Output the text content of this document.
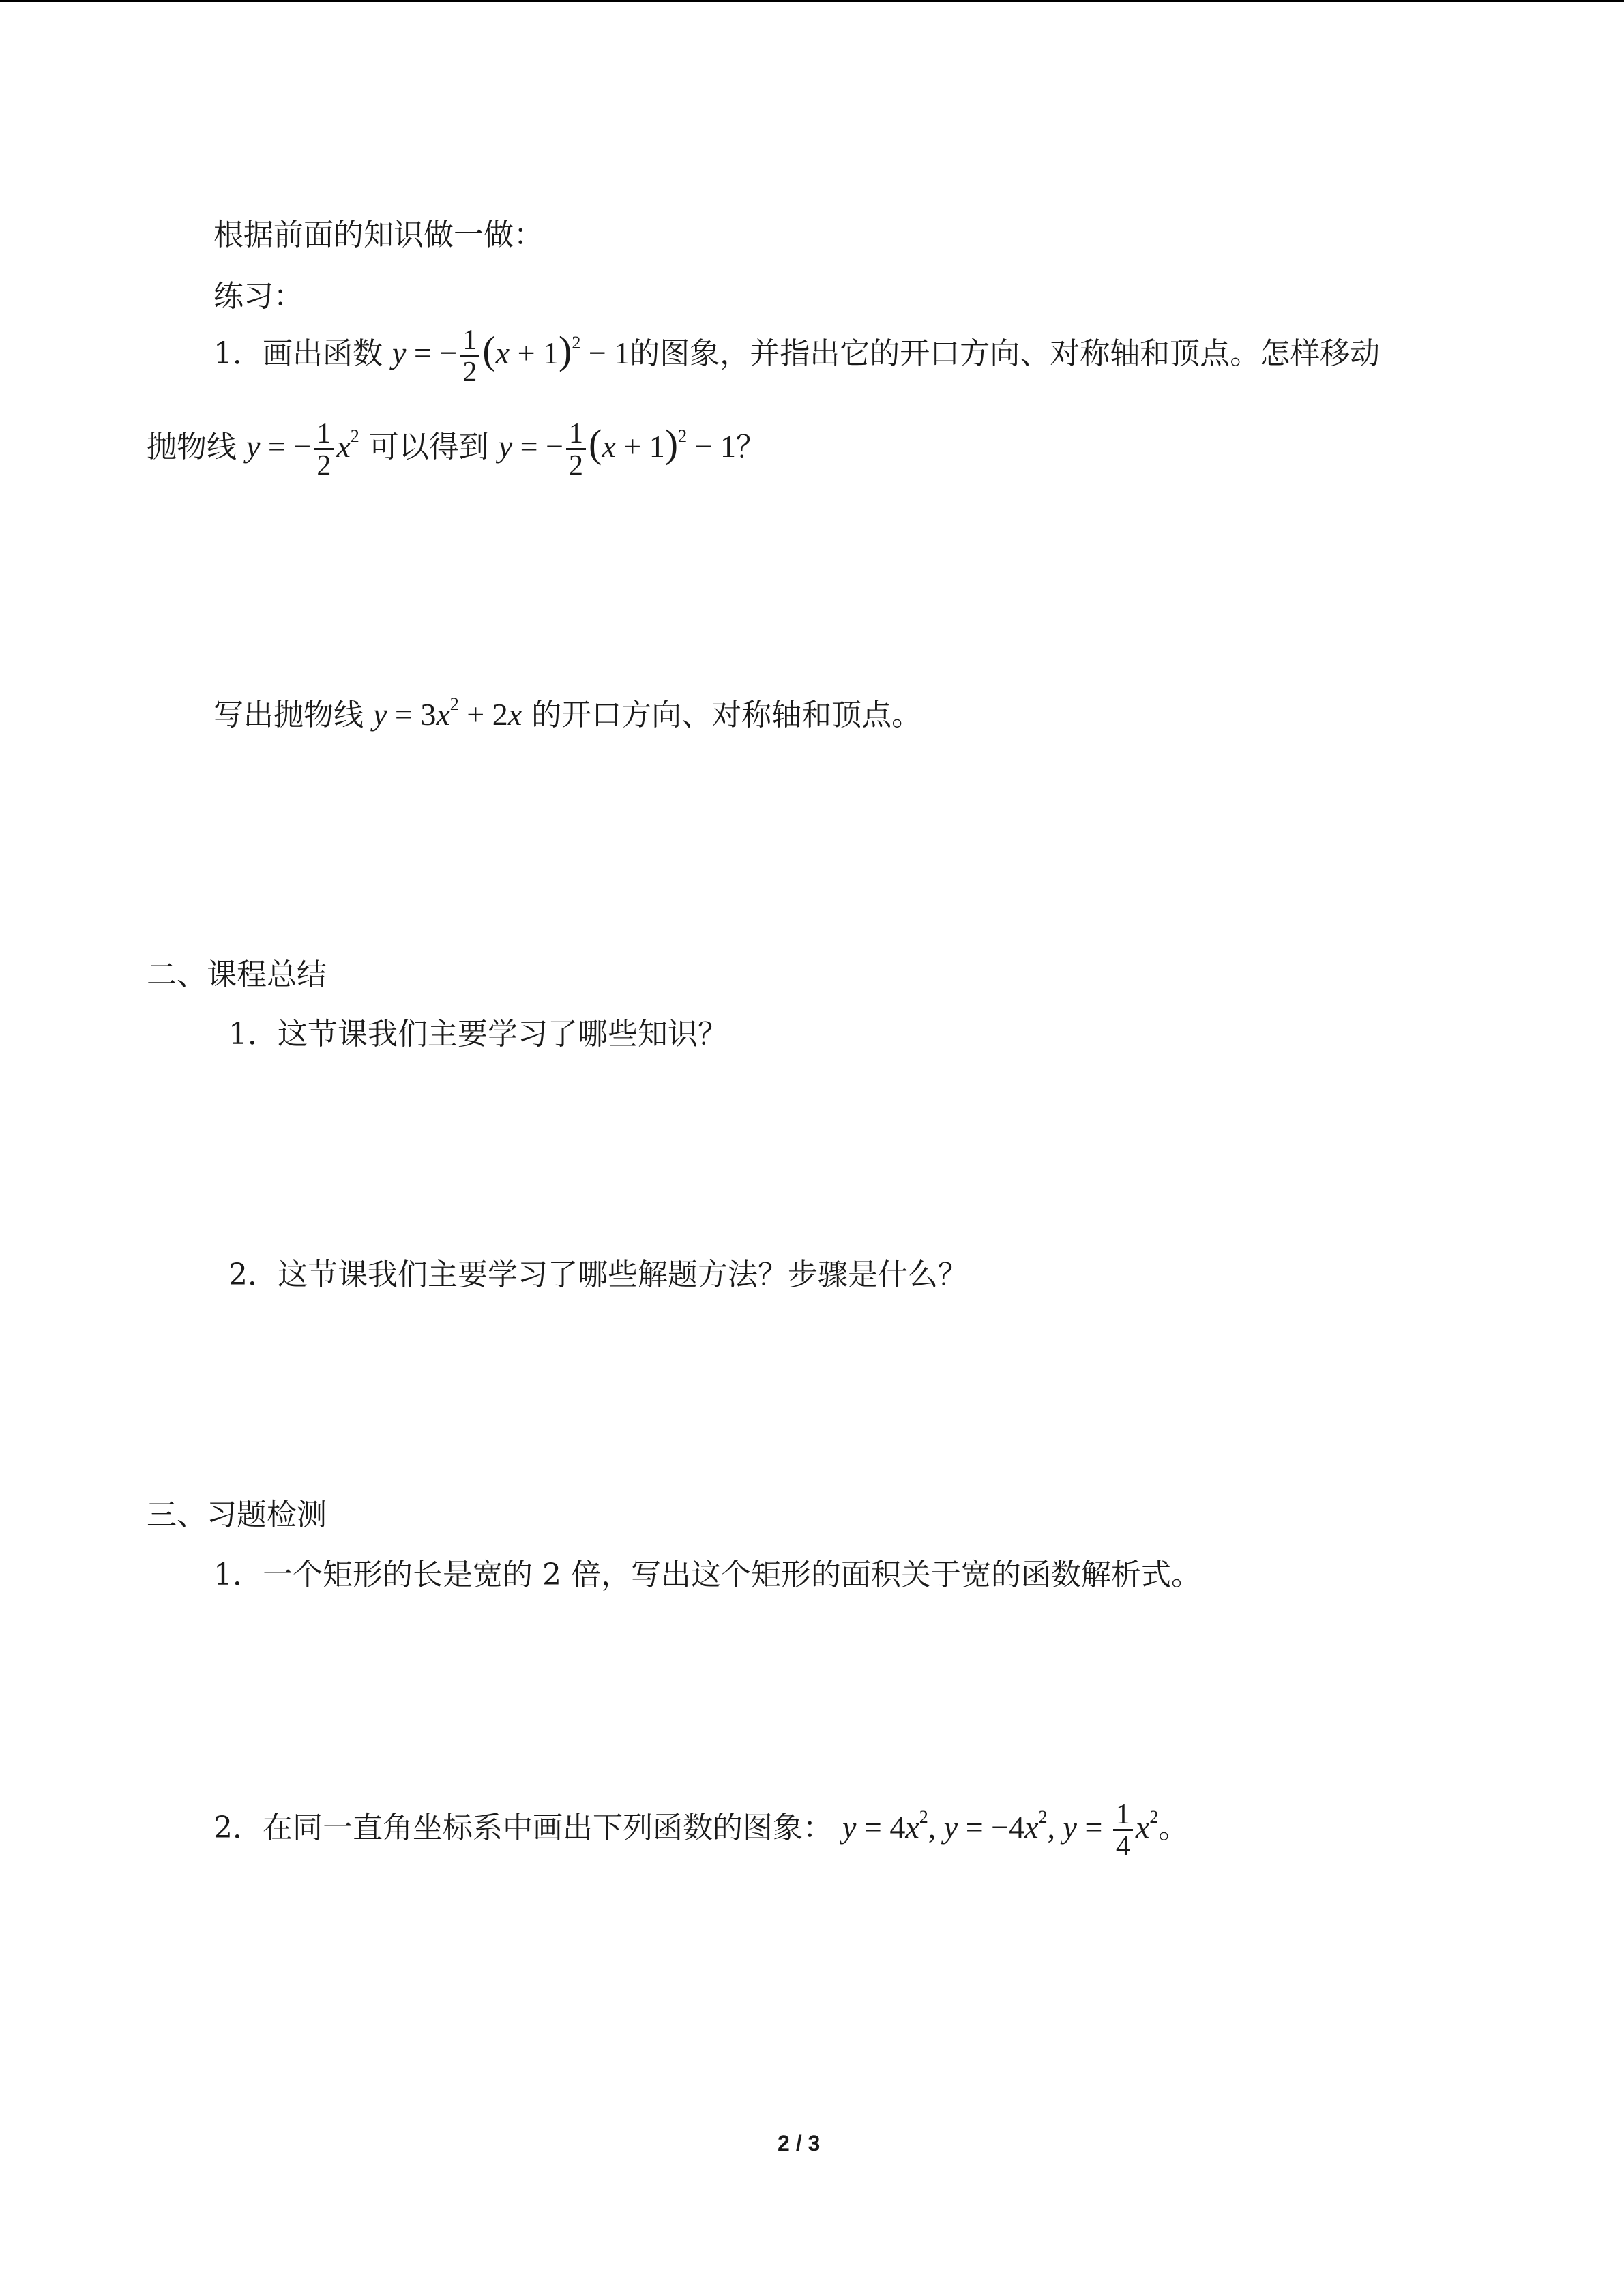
根据前面的知识做一做：
练习：
1．画出函数 y = − $\frac{1}{2} (x + 1)^2 - 1$的图象，并指出它的开口方向、对称轴和顶点。怎样移动
抛物线 y = − $\frac{1}{2} x^2$ 可以得到 y = − $\frac{1}{2} (x + 1)^2 - 1$？
写出抛物线 $y = 3x^2 + 2x$ 的开口方向、对称轴和顶点。
二、课程总结
1．这节课我们主要学习了哪些知识？
2．这节课我们主要学习了哪些解题方法？步骤是什么？
三、习题检测
1．一个矩形的长是宽的 2 倍，写出这个矩形的面积关于宽的函数解析式。
2．在同一直角坐标系中画出下列函数的图象： $y = 4x^2$, $y = -4x^2$, $y = \frac{1}{4} x^2$。
2 / 3
